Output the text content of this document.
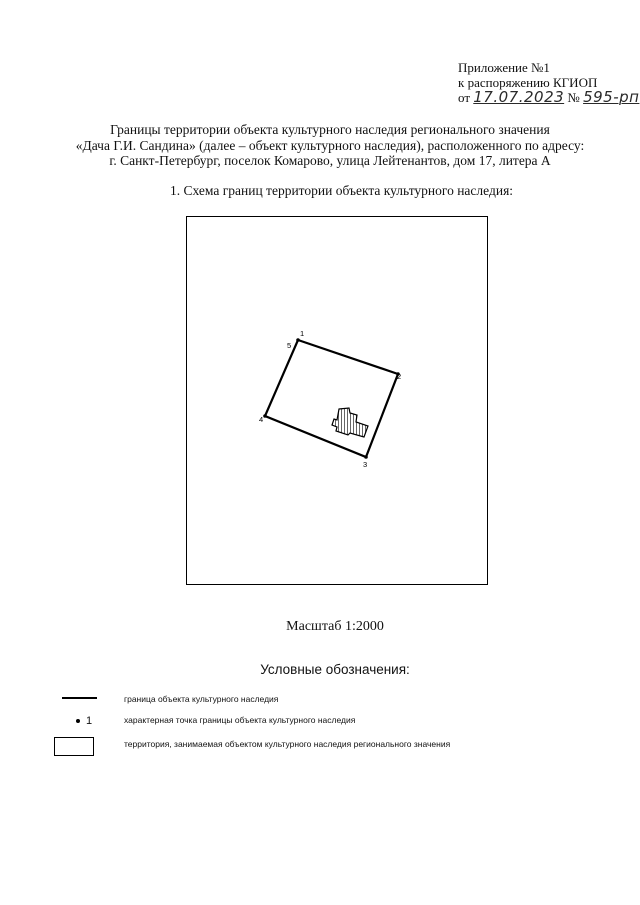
Приложение №1
к распоряжению КГИОП
от 17.07.2023 № 595-рп
Границы территории объекта культурного наследия регионального значения
«Дача Г.И. Сандина» (далее – объект культурного наследия), расположенного по адресу:
г. Санкт-Петербург, поселок Комарово, улица Лейтенантов, дом 17, литера А
1. Схема границ территории объекта культурного наследия:
1
2
3
4
5
Масштаб 1:2000
Условные обозначения:
граница объекта культурного наследия
1	характерная точка границы объекта культурного наследия
территория, занимаемая объектом культурного наследия регионального значения
